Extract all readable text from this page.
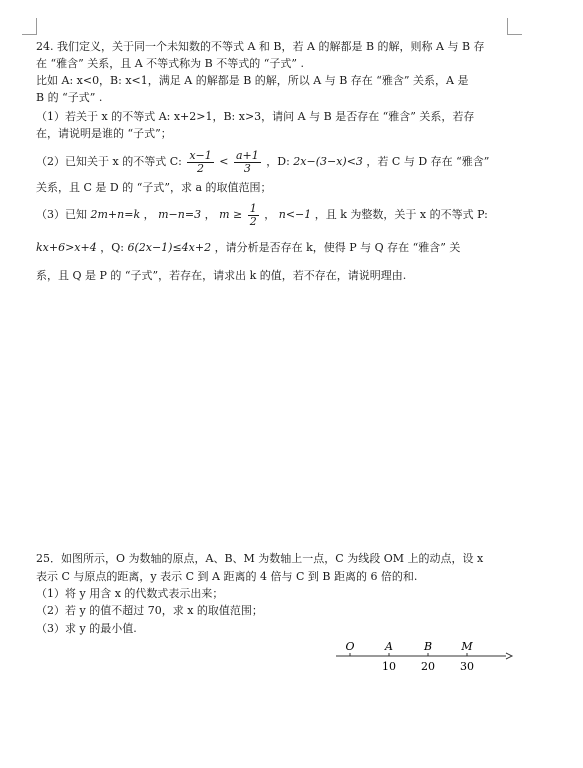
24. 我们定义，关于同一个未知数的不等式 A 和 B，若 A 的解都是 B 的解，则称 A 与 B 存
在 “雅含” 关系，且 A 不等式称为 B 不等式的 “子式” .
比如 A: x<0，B: x<1，满足 A 的解都是 B 的解，所以 A 与 B 存在 “雅含” 关系，A 是
B 的 “子式” .
（1）若关于 x 的不等式 A: x+2>1，B: x>3，请问 A 与 B 是否存在 “雅含” 关系，若存
在，请说明是谁的 “子式”；
（2）已知关于 x 的不等式 C: $\frac{x-1}{2} < \frac{a+1}{3}$ ，D: 2x−(3−x)<3 ，若 C 与 D 存在 “雅含”
关系，且 C 是 D 的 “子式”，求 a 的取值范围；
（3）已知 2m+n=k ， m−n=3 ， $m \ge \frac{1}{2}$ ， n<−1 ，且 k 为整数，关于 x 的不等式 P:
kx+6>x+4 ，Q: 6(2x−1)≤4x+2 ，请分析是否存在 k，使得 P 与 Q 存在 “雅含” 关
系，且 Q 是 P 的 “子式”，若存在，请求出 k 的值，若不存在，请说明理由.
25．如图所示，O 为数轴的原点，A、B、M 为数轴上一点，C 为线段 OM 上的动点，设 x
表示 C 与原点的距离，y 表示 C 到 A 距离的 4 倍与 C 到 B 距离的 6 倍的和.
（1）将 y 用含 x 的代数式表示出来；
（2）若 y 的值不超过 70，求 x 的取值范围；
（3）求 y 的最小值.
O	A
10
B
20
M
30
